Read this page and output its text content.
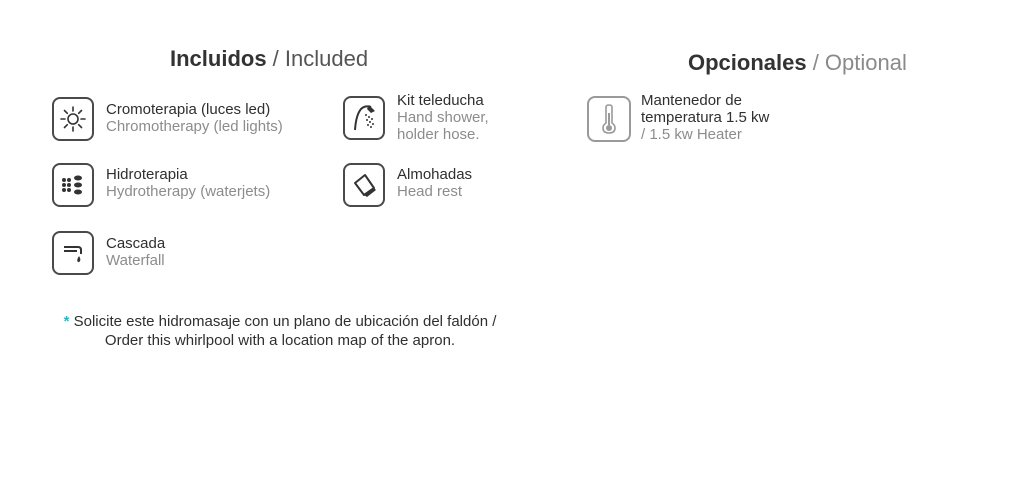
Incluidos / Included	Opcionales / Optional
Cromoterapia (luces led)
Chromotherapy (led lights)
Hidroterapia
Hydrotherapy (waterjets)
Cascada
Waterfall
Kit teleducha
Hand shower,
holder hose.
Almohadas
Head rest
* Solicite este hidromasaje con un plano de ubicación del faldón / Order this whirlpool with a location map of the apron.
Mantenedor de
temperatura 1.5 kw
/ 1.5 kw Heater
